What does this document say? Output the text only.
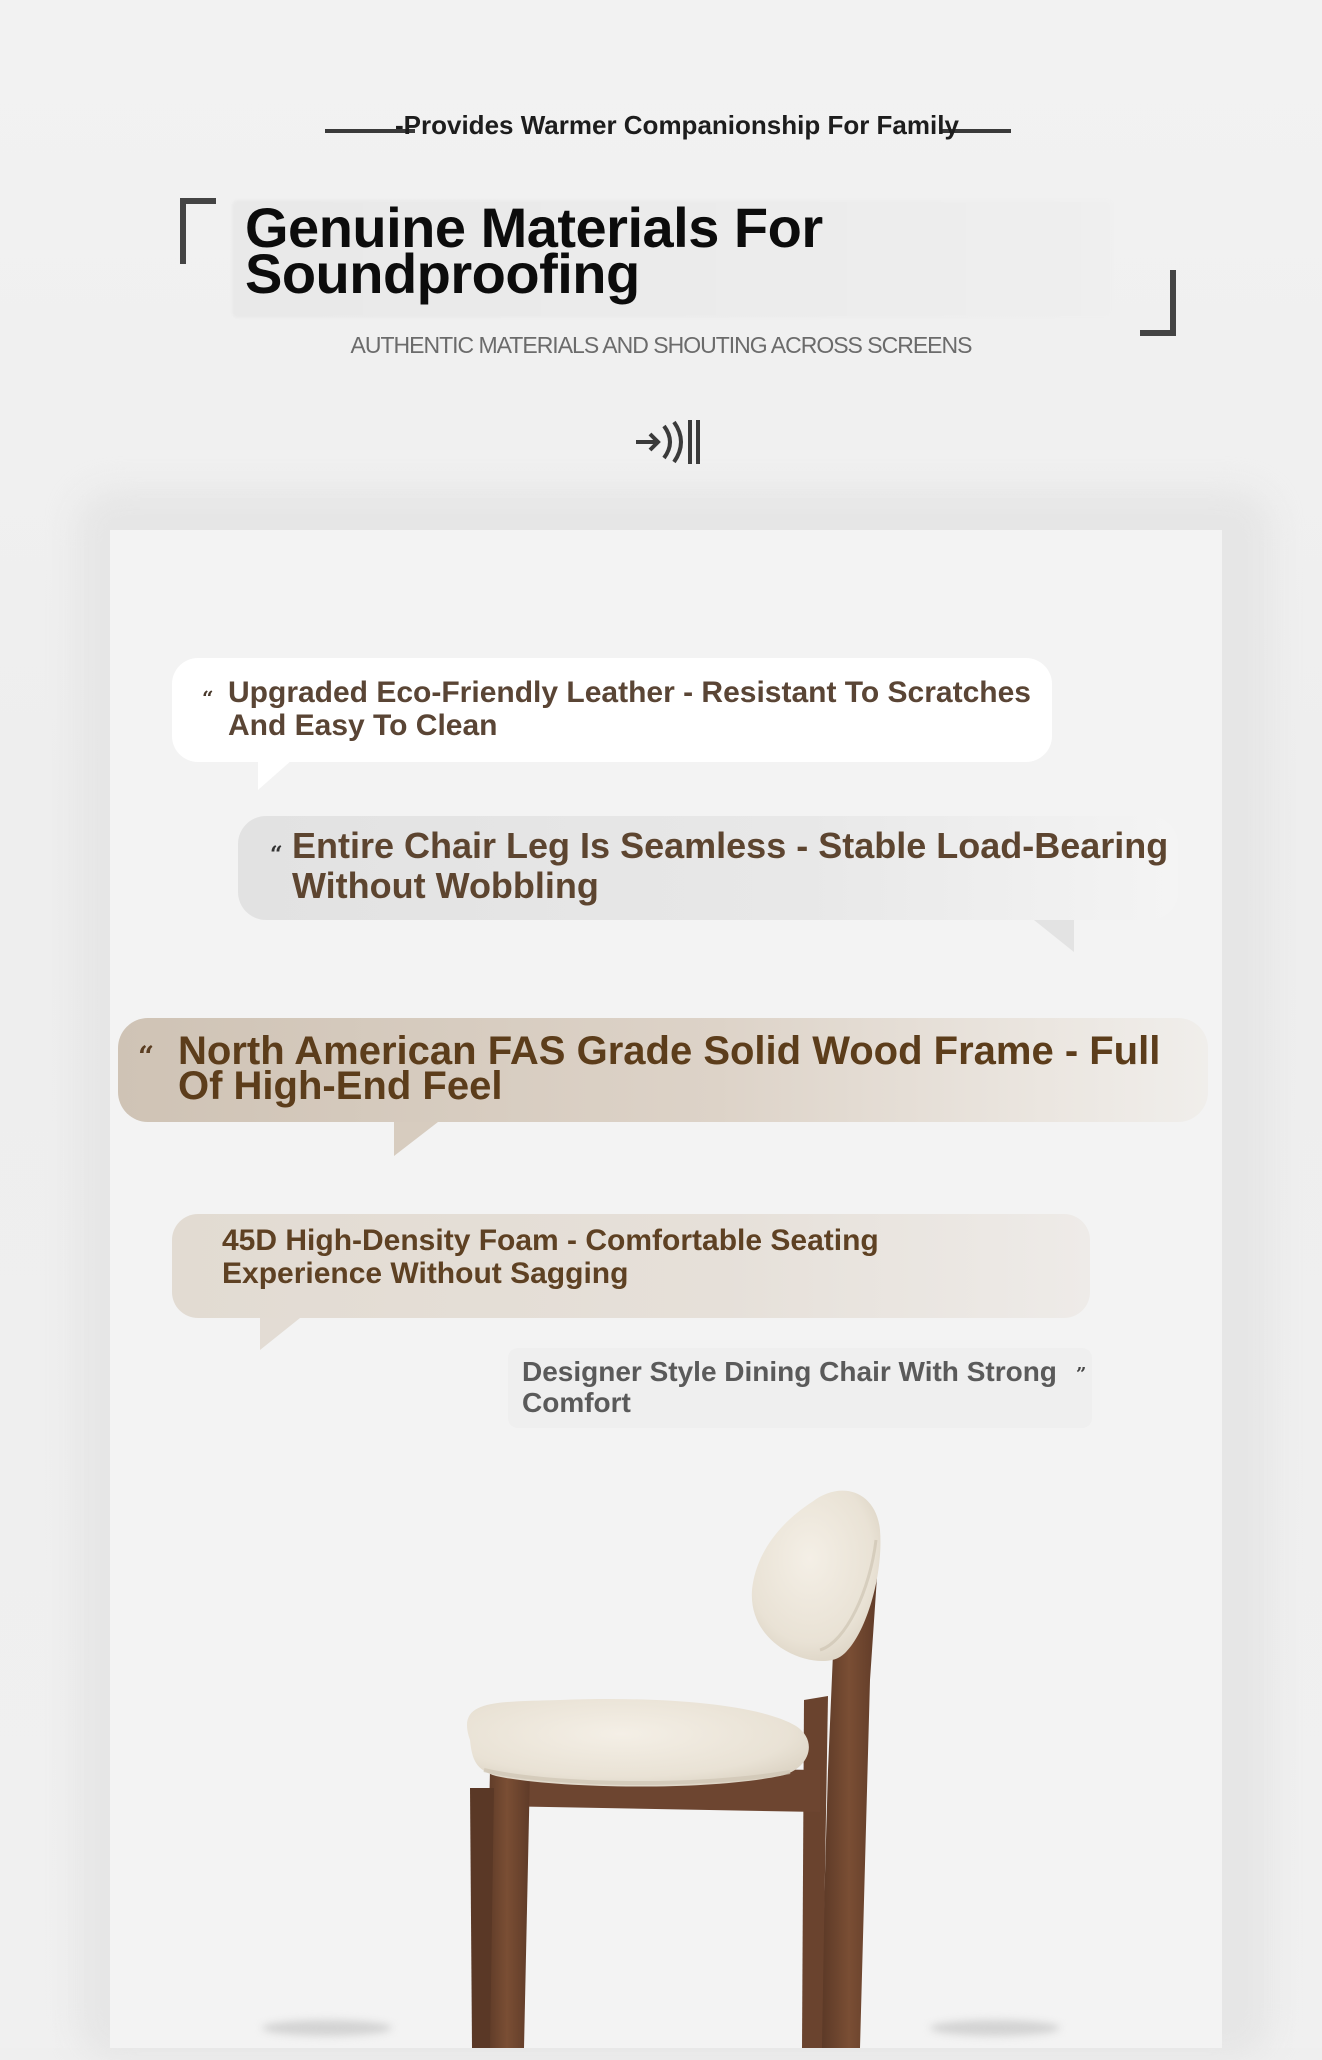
-Provides Warmer Companionship For Family
Genuine Materials For
Soundproofing
AUTHENTIC MATERIALS AND SHOUTING ACROSS SCREENS
“ Upgraded Eco-Friendly Leather - Resistant To Scratches And Easy To Clean

“ Entire Chair Leg Is Seamless - Stable Load-Bearing Without Wobbling

“ North American FAS Grade Solid Wood Frame - Full Of High-End Feel

45D High-Density Foam - Comfortable Seating Experience Without Sagging

Designer Style Dining Chair With Strong Comfort

”
